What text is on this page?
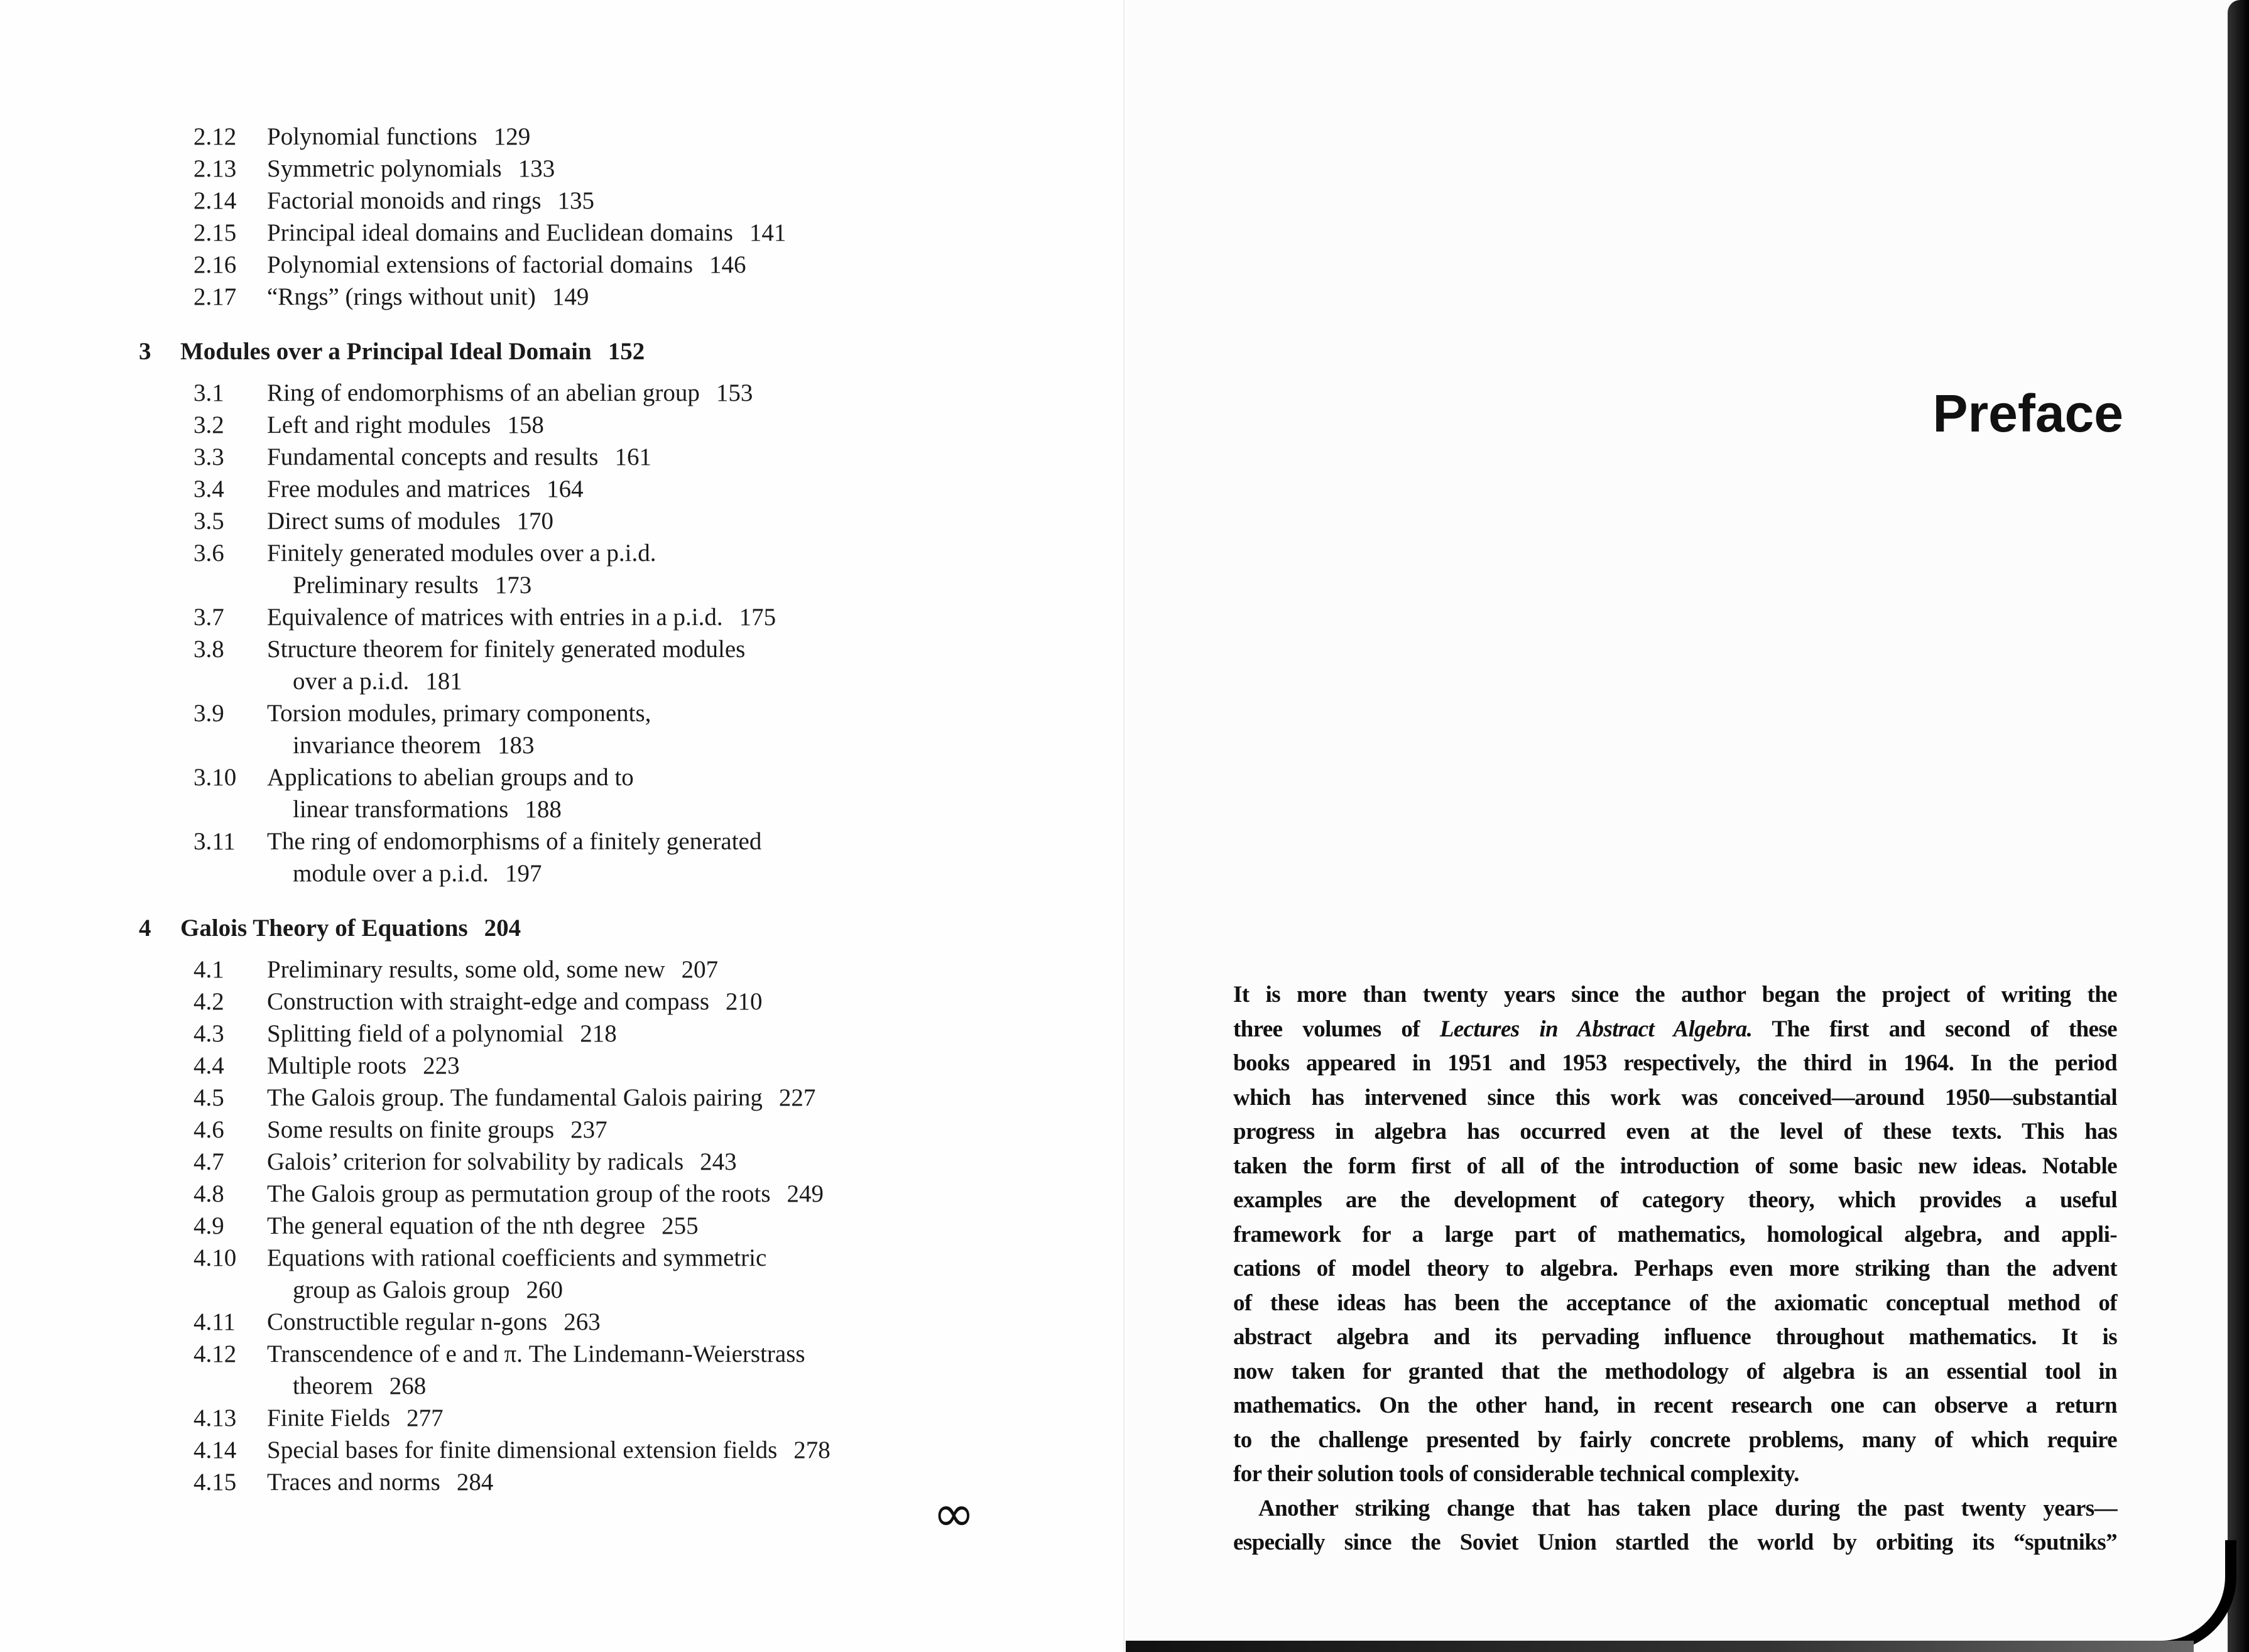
2.12 Polynomial functions 129
2.13 Symmetric polynomials 133
2.14 Factorial monoids and rings 135
2.15 Principal ideal domains and Euclidean domains 141
2.16 Polynomial extensions of factorial domains 146
2.17 “Rngs” (rings without unit) 149
3 Modules over a Principal Ideal Domain 152
3.1 Ring of endomorphisms of an abelian group 153
3.2 Left and right modules 158
3.3 Fundamental concepts and results 161
3.4 Free modules and matrices 164
3.5 Direct sums of modules 170
3.6 Finitely generated modules over a p.i.d.
Preliminary results 173
3.7 Equivalence of matrices with entries in a p.i.d. 175
3.8 Structure theorem for finitely generated modules
over a p.i.d. 181
3.9 Torsion modules, primary components,
invariance theorem 183
3.10 Applications to abelian groups and to
linear transformations 188
3.11 The ring of endomorphisms of a finitely generated
module over a p.i.d. 197
4 Galois Theory of Equations 204
4.1 Preliminary results, some old, some new 207
4.2 Construction with straight-edge and compass 210
4.3 Splitting field of a polynomial 218
4.4 Multiple roots 223
4.5 The Galois group. The fundamental Galois pairing 227
4.6 Some results on finite groups 237
4.7 Galois’ criterion for solvability by radicals 243
4.8 The Galois group as permutation group of the roots 249
4.9 The general equation of the nth degree 255
4.10 Equations with rational coefficients and symmetric
group as Galois group 260
4.11 Constructible regular n-gons 263
4.12 Transcendence of e and π. The Lindemann-Weierstrass
theorem 268
4.13 Finite Fields 277
4.14 Special bases for finite dimensional extension fields 278
4.15 Traces and norms 284
∞
Preface
It is more than twenty years since the author began the project of writing the
three volumes of Lectures in Abstract Algebra. The first and second of these
books appeared in 1951 and 1953 respectively, the third in 1964. In the period
which has intervened since this work was conceived—around 1950—substantial
progress in algebra has occurred even at the level of these texts. This has
taken the form first of all of the introduction of some basic new ideas. Notable
examples are the development of category theory, which provides a useful
framework for a large part of mathematics, homological algebra, and appli-
cations of model theory to algebra. Perhaps even more striking than the advent
of these ideas has been the acceptance of the axiomatic conceptual method of
abstract algebra and its pervading influence throughout mathematics. It is
now taken for granted that the methodology of algebra is an essential tool in
mathematics. On the other hand, in recent research one can observe a return
to the challenge presented by fairly concrete problems, many of which require
for their solution tools of considerable technical complexity.
Another striking change that has taken place during the past twenty years—
especially since the Soviet Union startled the world by orbiting its “sputniks”
